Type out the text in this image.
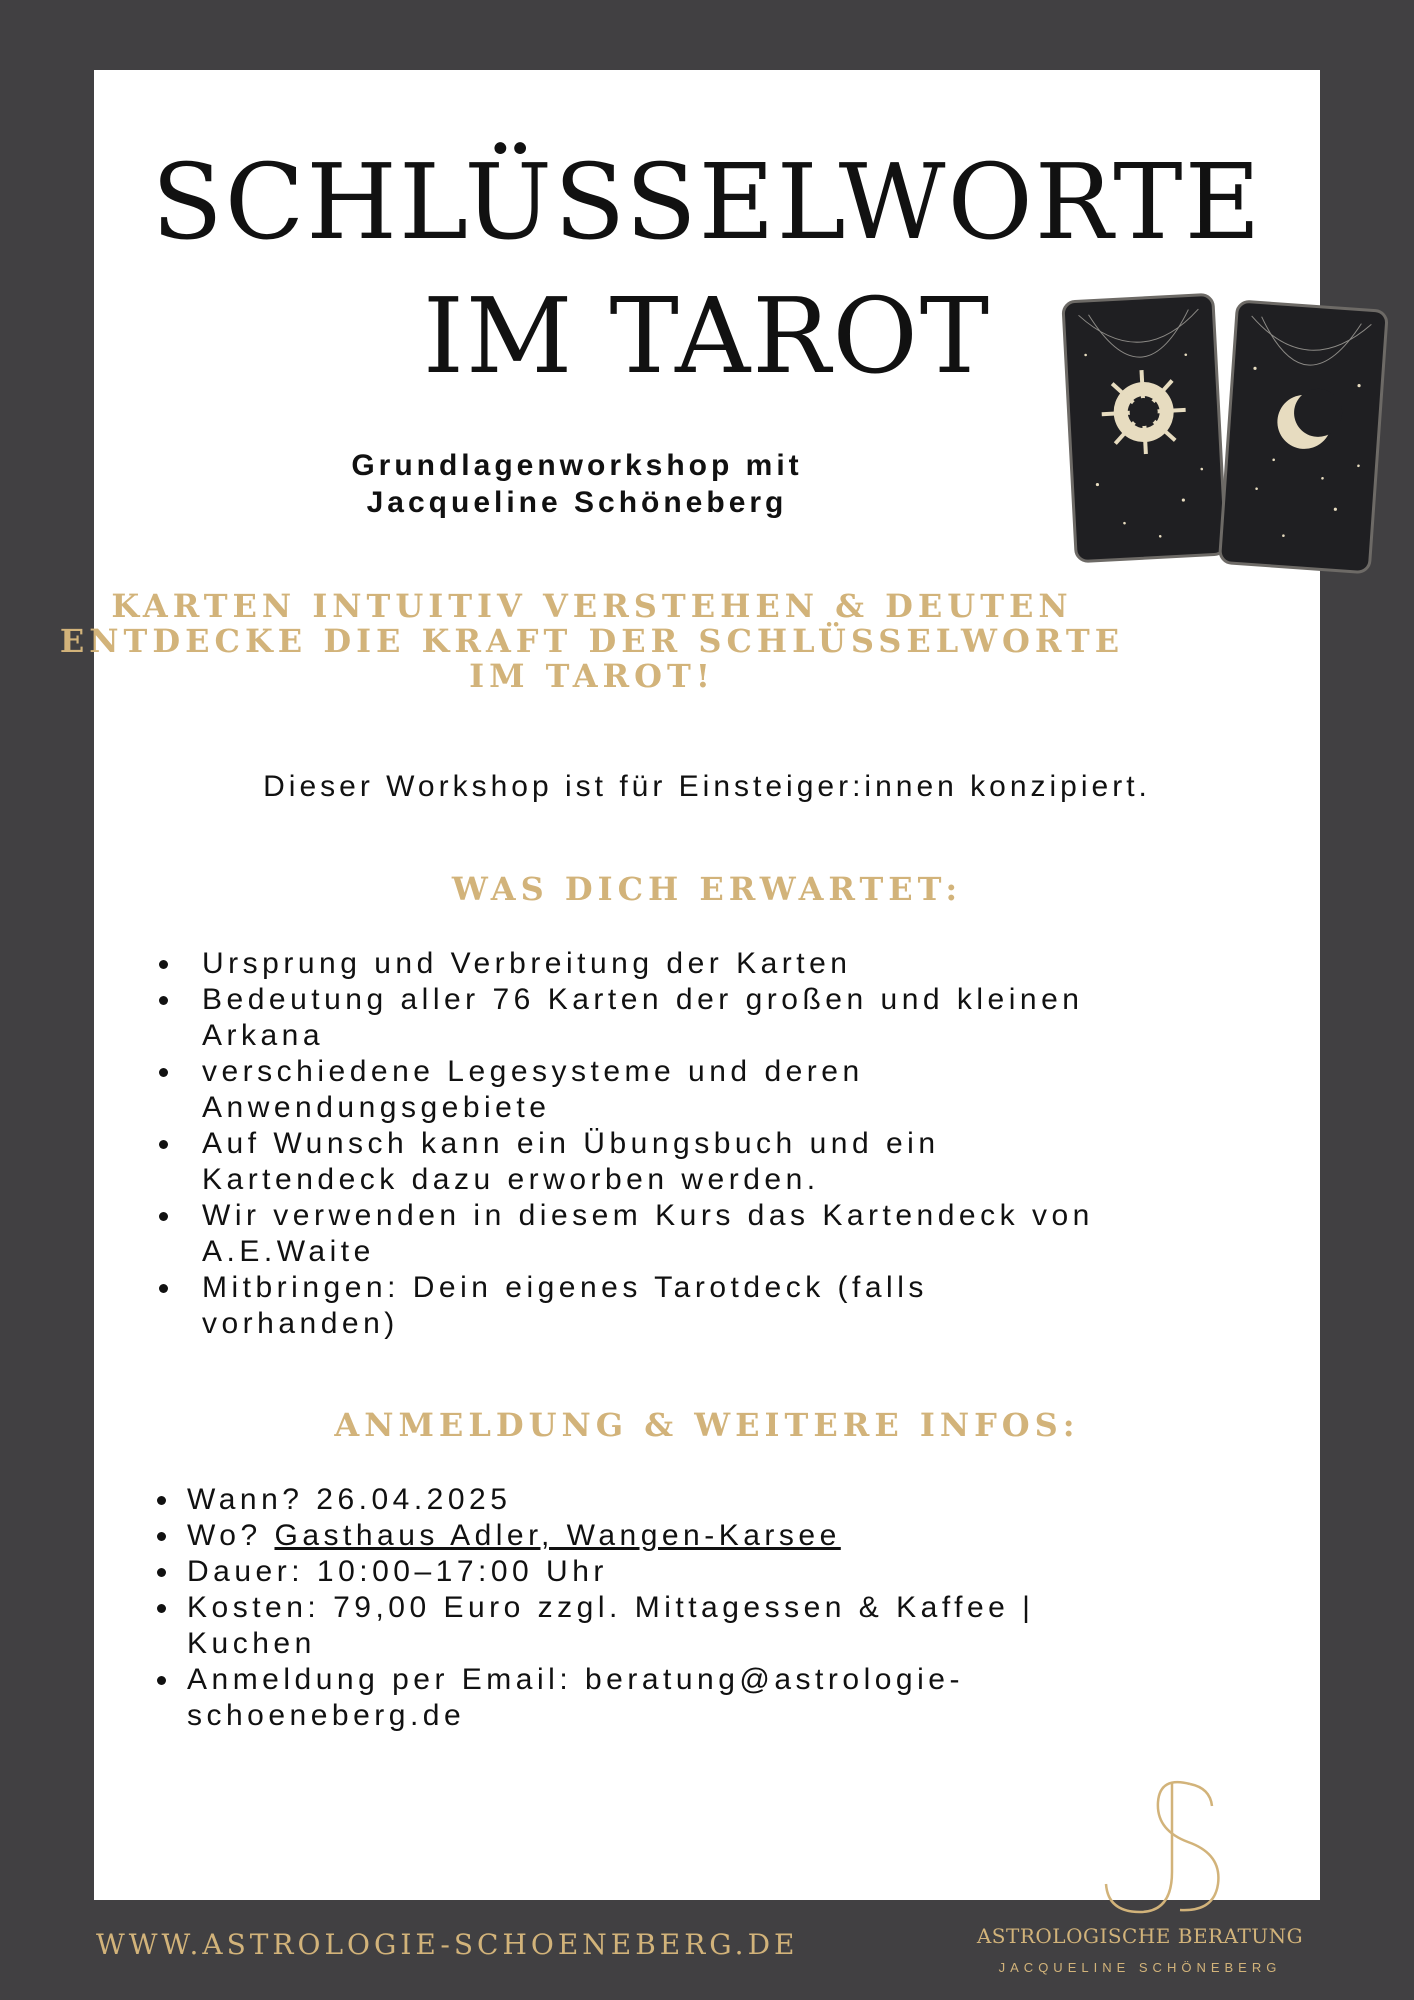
SCHLÜSSELWORTE
IM TAROT
Grundlagenworkshop mit
Jacqueline Schöneberg
KARTEN INTUITIV VERSTEHEN & DEUTEN
ENTDECKE DIE KRAFT DER SCHLÜSSELWORTE
IM TAROT!
Dieser Workshop ist für Einsteiger:innen konzipiert.
WAS DICH ERWARTET:
Ursprung und Verbreitung der Karten
Bedeutung aller 76 Karten der großen und kleinen
Arkana
verschiedene Legesysteme und deren
Anwendungsgebiete
Auf Wunsch kann ein Übungsbuch und ein
Kartendeck dazu erworben werden.
Wir verwenden in diesem Kurs das Kartendeck von
A.E.Waite
Mitbringen: Dein eigenes Tarotdeck (falls
vorhanden)
ANMELDUNG & WEITERE INFOS:
Wann? 26.04.2025
Wo? Gasthaus Adler, Wangen-Karsee
Dauer: 10:00–17:00 Uhr
Kosten: 79,00 Euro zzgl. Mittagessen & Kaffee |
Kuchen
Anmeldung per Email: beratung@astrologie-
schoeneberg.de
WWW.ASTROLOGIE-SCHOENEBERG.DE	ASTROLOGISCHE BERATUNG
JACQUELINE SCHÖNEBERG
